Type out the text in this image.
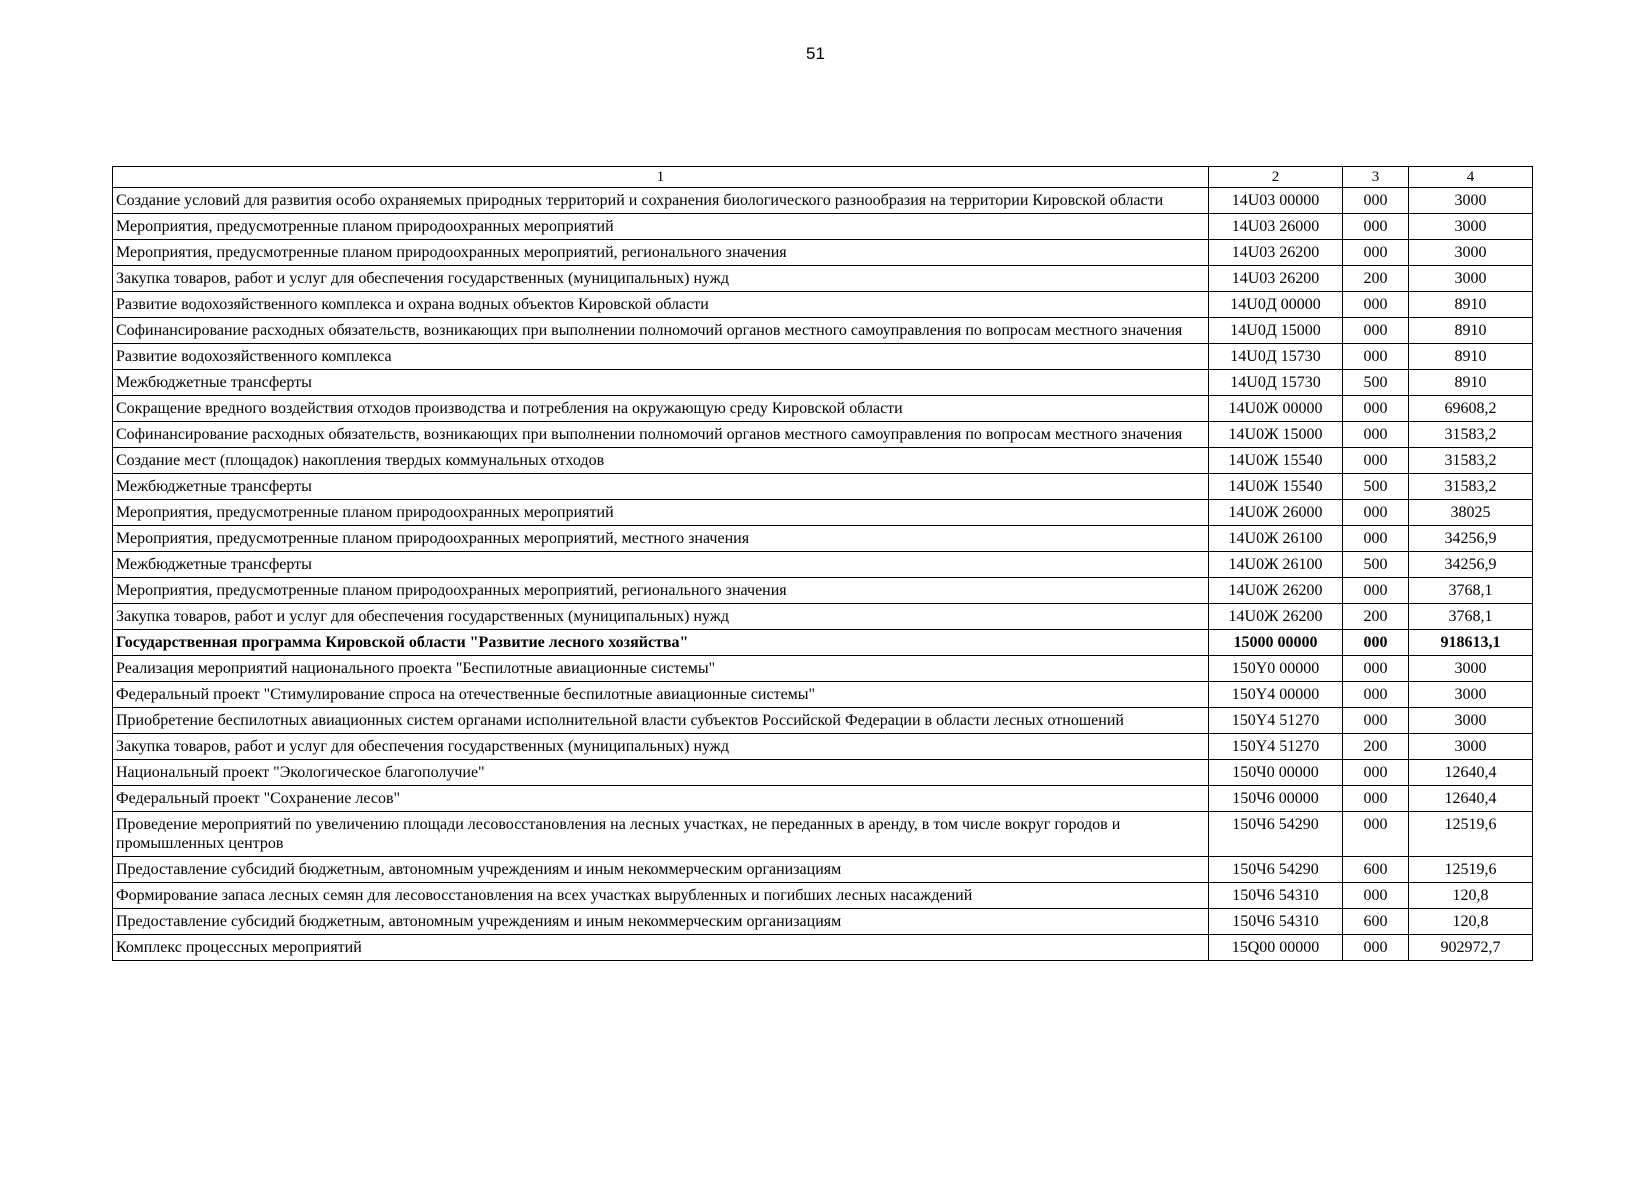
51
1	2	3	4
Создание условий для развития особо охраняемых природных территорий и сохранения биологического разнообразия на территории Кировской области	14U03 00000	000	3000
Мероприятия, предусмотренные планом природоохранных мероприятий	14U03 26000	000	3000
Мероприятия, предусмотренные планом природоохранных мероприятий, регионального значения	14U03 26200	000	3000
Закупка товаров, работ и услуг для обеспечения государственных (муниципальных) нужд	14U03 26200	200	3000
Развитие водохозяйственного комплекса и охрана водных объектов Кировской области	14U0Д 00000	000	8910
Софинансирование расходных обязательств, возникающих при выполнении полномочий органов местного самоуправления по вопросам местного значения	14U0Д 15000	000	8910
Развитие водохозяйственного комплекса	14U0Д 15730	000	8910
Межбюджетные трансферты	14U0Д 15730	500	8910
Сокращение вредного воздействия отходов производства и потребления на окружающую среду Кировской области	14U0Ж 00000	000	69608,2
Софинансирование расходных обязательств, возникающих при выполнении полномочий органов местного самоуправления по вопросам местного значения	14U0Ж 15000	000	31583,2
Создание мест (площадок) накопления твердых коммунальных отходов	14U0Ж 15540	000	31583,2
Межбюджетные трансферты	14U0Ж 15540	500	31583,2
Мероприятия, предусмотренные планом природоохранных мероприятий	14U0Ж 26000	000	38025
Мероприятия, предусмотренные планом природоохранных мероприятий, местного значения	14U0Ж 26100	000	34256,9
Межбюджетные трансферты	14U0Ж 26100	500	34256,9
Мероприятия, предусмотренные планом природоохранных мероприятий, регионального значения	14U0Ж 26200	000	3768,1
Закупка товаров, работ и услуг для обеспечения государственных (муниципальных) нужд	14U0Ж 26200	200	3768,1
Государственная программа Кировской области "Развитие лесного хозяйства"	15000 00000	000	918613,1
Реализация мероприятий национального проекта "Беспилотные авиационные системы"	150Y0 00000	000	3000
Федеральный проект "Стимулирование спроса на отечественные беспилотные авиационные системы"	150Y4 00000	000	3000
Приобретение беспилотных авиационных систем органами исполнительной власти субъектов Российской Федерации в области лесных отношений	150Y4 51270	000	3000
Закупка товаров, работ и услуг для обеспечения государственных (муниципальных) нужд	150Y4 51270	200	3000
Национальный проект "Экологическое благополучие"	150Ч0 00000	000	12640,4
Федеральный проект "Сохранение лесов"	150Ч6 00000	000	12640,4
Проведение мероприятий по увеличению площади лесовосстановления на лесных участках, не переданных в аренду, в том числе вокруг городов и промышленных центров	150Ч6 54290	000	12519,6
Предоставление субсидий бюджетным, автономным учреждениям и иным некоммерческим организациям	150Ч6 54290	600	12519,6
Формирование запаса лесных семян для лесовосстановления на всех участках вырубленных и погибших лесных насаждений	150Ч6 54310	000	120,8
Предоставление субсидий бюджетным, автономным учреждениям и иным некоммерческим организациям	150Ч6 54310	600	120,8
Комплекс процессных мероприятий	15Q00 00000	000	902972,7
